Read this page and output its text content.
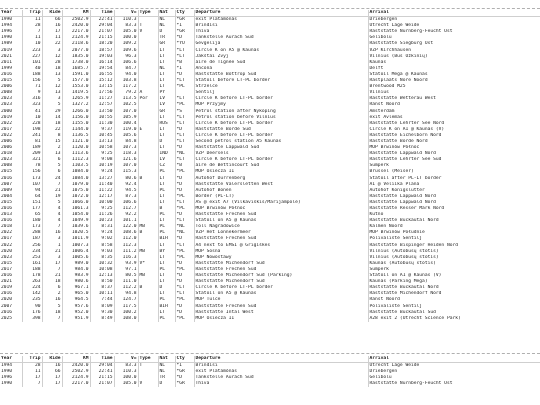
Year	Trip	Ride	KM	Time	V=	Type	Nat	Cty	Departure	Arrival
1990	11	66	2502.9	22:41	110.3		NL	*GR	exit Platamónas	Driebergen
1994	28	16	2420.0	29:04	83.3	T	NL	*I	Brindisi	Utrecht Lage Weide
1996	7	17	2217.0	21:07	105.0	V	D	*GR	Thíva	Raststätte Nürnberg-Feucht Ost
1990	11	11	2124.9	21:15	100.0		TR	*D	Tankstelle Aurach Süd	Gelibolu
1989	10	22	2118.6	18:20	109.2		GR	*YU	Gevgelija	Raststätte Siegburg Ost
2019	223	3	2077.0	18:57	109.6		LT	*LT	Circle K on A5 @ Kaunas	VZP Kirchhausen
2021	227	12	1835.0	19:03	96.3		LT	*LT	Jakštai Žvyj	Vilnius (Bus Ožkinių)
2011	101	28	1738.0	16:14	106.6		LT	*B	aire de Tignée Sud	Kaunas
1999	40	18	1685.7	19:54	84.7		NL	*I	Ancona	Delft
2016	188	13	1591.0	16:55	94.0		LT	*D	Raststätte Bottrop Süd	Statoil Mega @ Kaunas
2015	156	5	1577.0	15:12	103.8		LT	*LT	Statoil before LT-PL border	Rastplaats Nore Noord
2006	71	12	1553.0	13:15	117.2		LT	*PL	Strzelce	Brentwood M25
2008	9	13	1419.5	17:56	79.2	A	PY		Sentilj	Vilnius
2023	316	3	1265.9	11:27	113.5	Por	LV	*LT	Circle K before LT-PL border	Raststätte Wetterau West
2023	323	5	1327.2	12:57	102.5		LV	*PL	MOP Przyjmy	Ranst Noord
2000	41	29	1266.0	13:50	107.0		GR	*S	Petrol station after Nyköping	Amsterdam
2019	10	14	1156.0	10:55	105.9		LT	*LT	Petrol station before Vilnius	exit Avlemas
2022	228	18	1155.0	11:30	100.4		RUS	*LT	Circle K before LT-PL border	Raststätte Lehrter See Nord
2017	198	22	1144.0	9:37	119.0	E	LT	*D	Raststätte Börde Süd	Circle K on A1 @ Kaunas (V)
2022	241	8	1136.5	10:45	105.6		LT	*LT	Circle K before LT-PL border	Raststätte Eichelborn Nord
2006	81	15	1121.0	13:13	84.8		D	*LT	Second petrol station A5 Kaunas	Raststätte Börde Nord
2006	189	2	1120.0	10:58	107.3		LT	*D	Raststätte Lappwald Süd	MOP Brwinów Północ
2018	209	13	1113.6	9:25	118.3		IND	*NL	VZP Deersels	Raststätte Lappwald Nord
2023	321	6	1112.3	9:08	121.6		LV	*LT	Circle K before LT-PL border	Raststätte Lehrter See Süd
2008	78	5	1103.5	10:19	107.0		CZ	*B	aire de Bettincourt Sud	Šumperk
2015	156	6	1084.0	9:24	115.3		PL	*PL	MOP Osiecza II	Brussel (Meiser)
2016	173	24	1084.0	13:27	80.6	B	LT	*D	Autohof Dürrenberg	Statoil after PL-LT border
2007	107	7	1079.0	11:40	92.4		LT	*D	Raststätte Valersletten West	A1 @ Veliika Plana
2009	94	21	1075.0	11:22	94.5		PL	*D	Autohof Bönen	Autohof Königslutter
2004	64	19	1072.0	12:17	87.3		LT	*PL	Border (PL-LT)	Raststätte Lappwald Nord
2015	151	5	1066.0	10:00	106.6		LT	*LT	AS @ exit A7 (Vilkaviškis/Marijampolė)	Raststätte Lappwald Nord
2016	177	4	1061.3	9:25	112.7		B	*PL	MOP Brwinów Północ	Raststätte Resser Mark Nord
2013	65	4	1054.0	11:26	92.2		PL	*D	Raststätte Frechen Süd	Kutno
2016	180	4	1049.9	10:23	101.1		LT	*LT	Statoil on A5 @ Kaunas	Raststätte Buckautal Nord
2018	173	7	1039.6	8:31	122.0	MB	PL	*NL	Toll Nagradowice	Kalmen Noord
2022	288	16	1020.5	9:24	108.6	B	PL	*NL	VZP Het Lonnekermeer	MOP Brwinów Południe
2017	187	3	1011.9	9:02	112.0		BIH	*D	Raststätte Frechen Süd	Polivalište Sentilj
2022	256	1	1007.3	8:58	112.3		LT	*LT	A4 next to EMSI @ Grigiškės	Raststätte Bispinger Heiden Nord
2020	234	21	1006.4	9:03	111.2	MB	BY	*PL	MOP Sosna	Vilnius (Autobusų stotis)
2023	253	3	1005.6	8:35	116.3		LT	*PL	MOP Nowostawy	Vilnius (Autobusų stotis)
2015	161	17	989.0	10:32	93.9	V*	LT	*D	Raststätte Michendorf Süd	Kaunas (Autobusų stotis)
2017	188	7	984.0	10:08	97.1		PL	*PL	Raststätte Frechen Süd	Sumperk
2016	178	21	983.9	12:13	80.5	MB	LT	*D	Raststätte Michendorf Süd (Parking)	Statoil on A1 @ Kaunas (V)
2021	263	18	980.6	8:50	111.0		LT	*D	Raststätte Michendorf Süd	Kaunas (Parking Mega)
2019	224	6	967.1	8:37	112.2	B	D	*LT	Circle K before LT-PL border	Raststätte Buckautal Nord
2016	142	2	965.0	10:11	94.8		LT	*LT	Statoil on A5 @ Kaunas	Raststätte Michendorf Nord
2020	235	16	964.5	7:44	124.7		PL	*PL	MOP Tulce	Ranst Noord
2007	90	5	957.6	8:09	117.5		BIH	*D	Raststätte Frechen Süd	Polivalište Sentilj
2016	176	18	952.0	9:30	100.2		LT	*D	Raststätte Intal West	Raststätte Buckautal Süd
2025	398	7	951.9	8:49	108.0		PL	*PL	MOP Osiecza II	A28 exit 2 (Utrecht Science Park)
Year	Trip	Ride	KM	Time	V=	Type	Nat	Cty	Departure	Arrival
1994	28	16	2420.0	29:04	83.3	T	NL	*I	Brindisi	Utrecht Lage Weide
1990	11	66	2502.9	22:41	110.3		NL	*GR	exit Platamónas	Driebergen
1996	17	17	2124.9	21:15	100.0		TR	*D	Tankstelle Aurach Süd	Gelibolu
1990	7	17	2217.0	21:07	105.0	V	D	*GR	Thíva	Raststätte Nürnberg-Feucht Ost
